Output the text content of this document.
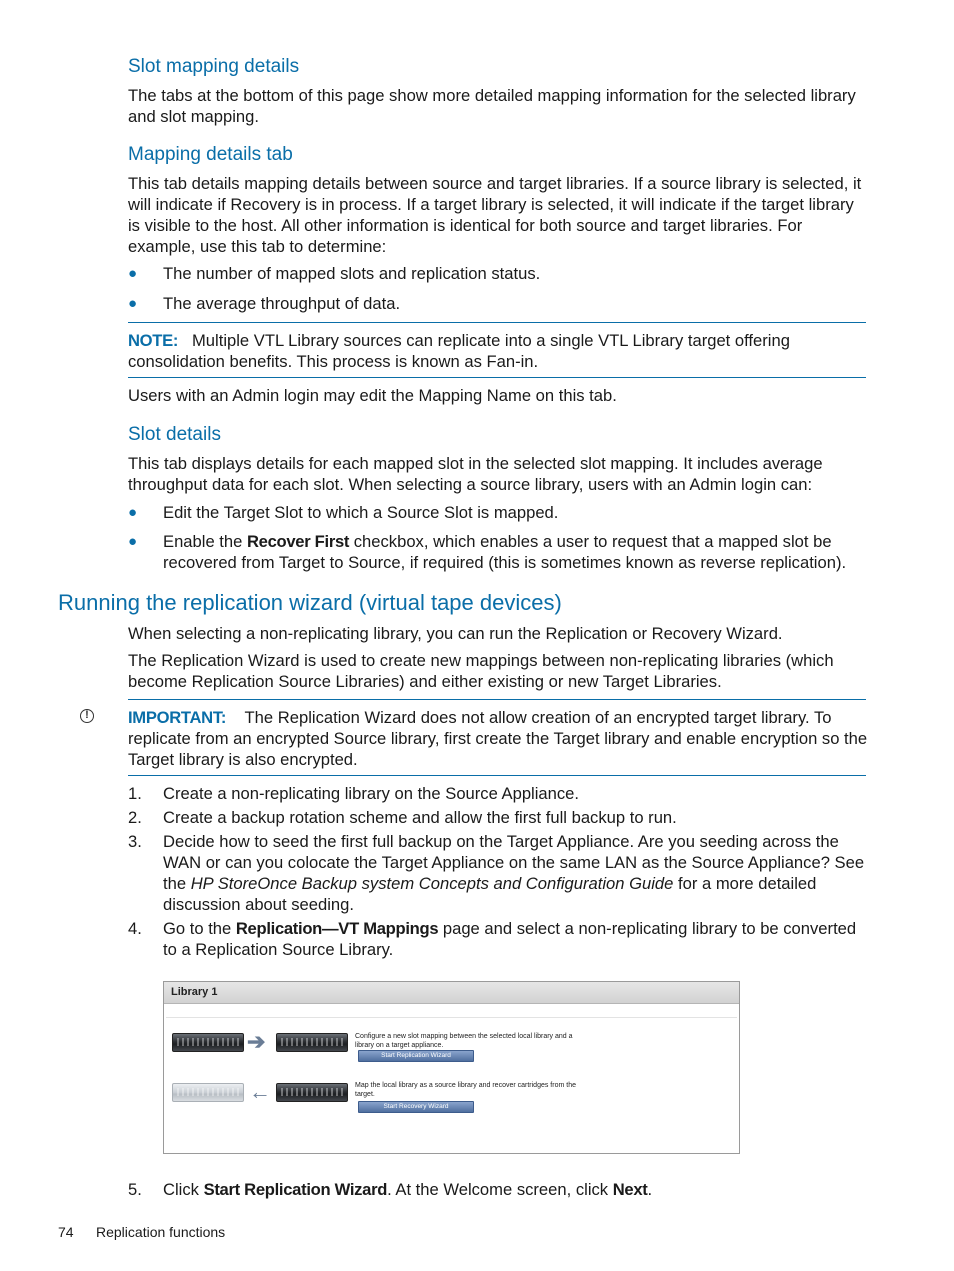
Slot mapping details
The tabs at the bottom of this page show more detailed mapping information for the selected library and slot mapping.
Mapping details tab
This tab details mapping details between source and target libraries. If a source library is selected, it will indicate if Recovery is in process. If a target library is selected, it will indicate if the target library is visible to the host. All other information is identical for both source and target libraries. For example, use this tab to determine:
● The number of mapped slots and replication status.
● The average throughput of data.
NOTE: Multiple VTL Library sources can replicate into a single VTL Library target offering consolidation benefits. This process is known as Fan-in.
Users with an Admin login may edit the Mapping Name on this tab.
Slot details
This tab displays details for each mapped slot in the selected slot mapping. It includes average throughput data for each slot. When selecting a source library, users with an Admin login can:
● Edit the Target Slot to which a Source Slot is mapped.
● Enable the Recover First checkbox, which enables a user to request that a mapped slot be recovered from Target to Source, if required (this is sometimes known as reverse replication).
Running the replication wizard (virtual tape devices)
When selecting a non-replicating library, you can run the Replication or Recovery Wizard.
The Replication Wizard is used to create new mappings between non-replicating libraries (which become Replication Source Libraries) and either existing or new Target Libraries.
!	IMPORTANT: The Replication Wizard does not allow creation of an encrypted target library. To replicate from an encrypted Source library, first create the Target library and enable encryption so the Target library is also encrypted.
1. Create a non-replicating library on the Source Appliance.
2. Create a backup rotation scheme and allow the first full backup to run.
3. Decide how to seed the first full backup on the Target Appliance. Are you seeding across the WAN or can you colocate the Target Appliance on the same LAN as the Source Appliance? See the HP StoreOnce Backup system Concepts and Configuration Guide for a more detailed discussion about seeding.
4. Go to the Replication—VT Mappings page and select a non-replicating library to be converted to a Replication Source Library.
Library 1
➔	Configure a new slot mapping between the selected local library and a library on a target appliance.
Start Replication Wizard
←	Map the local library as a source library and recover cartridges from the target.
Start Recovery Wizard
5. Click Start Replication Wizard. At the Welcome screen, click Next.
74 Replication functions
